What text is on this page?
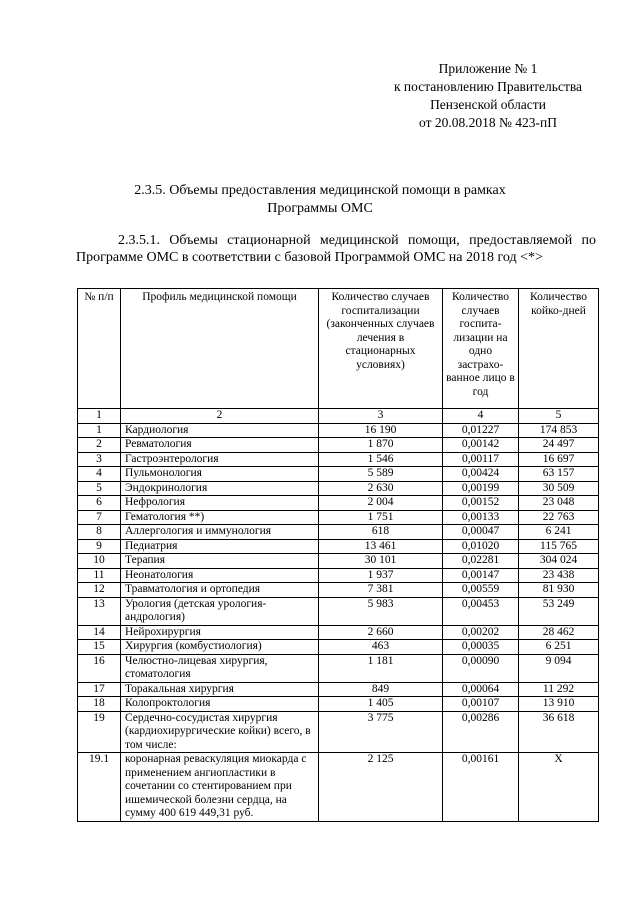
Приложение № 1
к постановлению Правительства
Пензенской области
от 20.08.2018 № 423-пП
2.3.5. Объемы предоставления медицинской помощи в рамках
Программы ОМС
2.3.5.1. Объемы стационарной медицинской помощи, предоставляемой по Программе ОМС в соответствии с базовой Программой ОМС на 2018 год <*>
№ п/п	Профиль медицинской помощи	Количество случаев госпитализации (законченных случаев лечения в стационарных условиях)	Количество случаев госпита- лизации на одно застрахо- ванное лицо в год	Количество койко-дней
1	2	3	4	5
1	Кардиология	16 190	0,01227	174 853
2	Ревматология	1 870	0,00142	24 497
3	Гастроэнтерология	1 546	0,00117	16 697
4	Пульмонология	5 589	0,00424	63 157
5	Эндокринология	2 630	0,00199	30 509
6	Нефрология	2 004	0,00152	23 048
7	Гематология **)	1 751	0,00133	22 763
8	Аллергология и иммунология	618	0,00047	6 241
9	Педиатрия	13 461	0,01020	115 765
10	Терапия	30 101	0,02281	304 024
11	Неонатология	1 937	0,00147	23 438
12	Травматология и ортопедия	7 381	0,00559	81 930
13	Урология (детская урология-андрология)	5 983	0,00453	53 249
14	Нейрохирургия	2 660	0,00202	28 462
15	Хирургия (комбустиология)	463	0,00035	6 251
16	Челюстно-лицевая хирургия, стоматология	1 181	0,00090	9 094
17	Торакальная хирургия	849	0,00064	11 292
18	Колопроктология	1 405	0,00107	13 910
19	Сердечно-сосудистая хирургия (кардиохирургические койки) всего, в том числе:	3 775	0,00286	36 618
19.1	коронарная реваскуляция миокарда с применением ангиопластики в сочетании со стентированием при ишемической болезни сердца, на сумму 400 619 449,31 руб.	2 125	0,00161	Х
